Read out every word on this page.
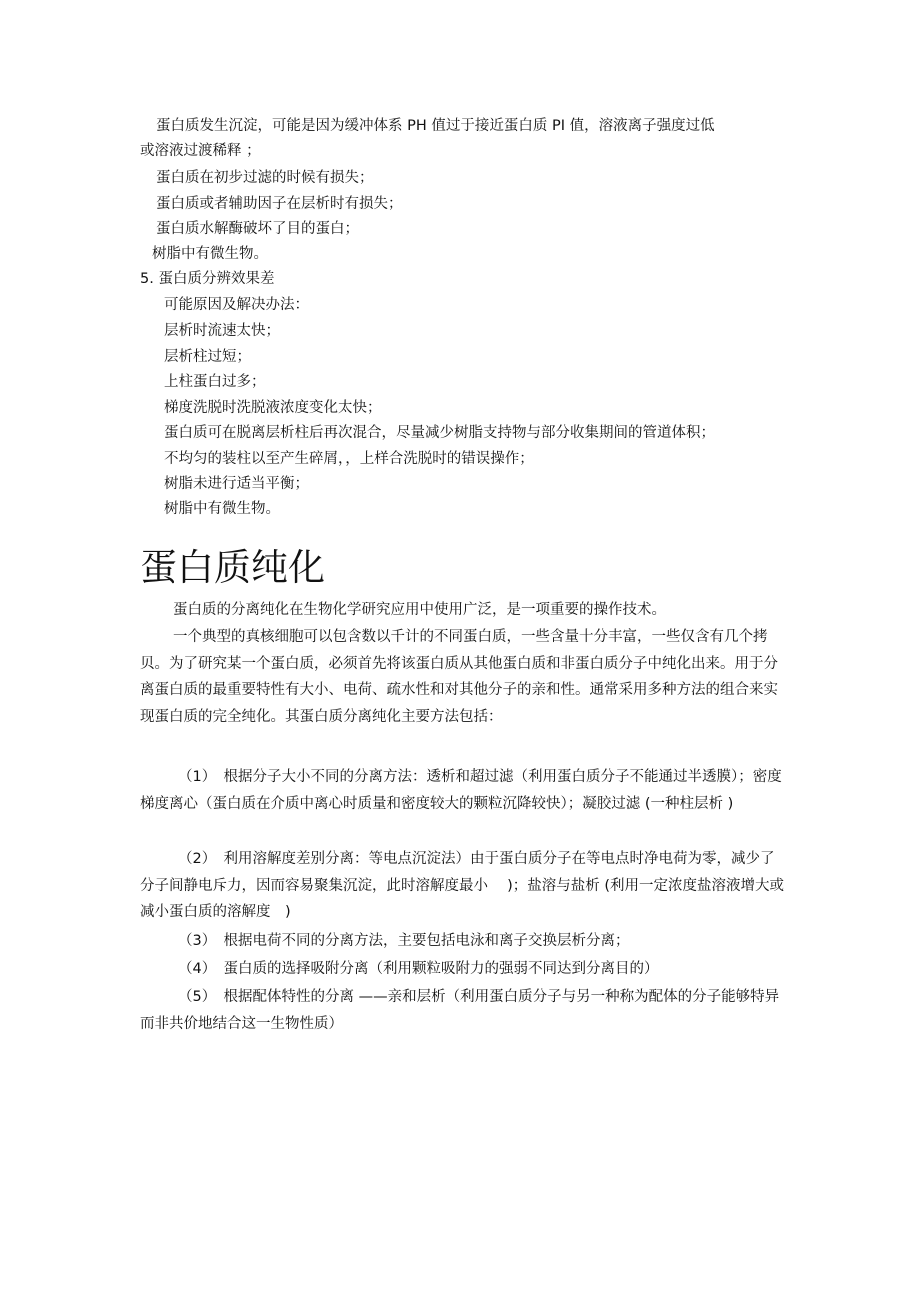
蛋白质发生沉淀，可能是因为缓冲体系 PH 值过于接近蛋白质 PI 值，溶液离子强度过低
或溶液过渡稀释 ；
蛋白质在初步过滤的时候有损失；
蛋白质或者辅助因子在层析时有损失；
蛋白质水解酶破坏了目的蛋白；
树脂中有微生物。
5. 蛋白质分辨效果差
可能原因及解决办法：
层析时流速太快；
层析柱过短；
上柱蛋白过多；
梯度洗脱时洗脱液浓度变化太快；
蛋白质可在脱离层析柱后再次混合，尽量减少树脂支持物与部分收集期间的管道体积；
不均匀的装柱以至产生碎屑，，上样合洗脱时的错误操作；
树脂未进行适当平衡；
树脂中有微生物。
蛋白质纯化
蛋白质的分离纯化在生物化学研究应用中使用广泛，是一项重要的操作技术。
一个典型的真核细胞可以包含数以千计的不同蛋白质，一些含量十分丰富，一些仅含有几个拷贝。为了研究某一个蛋白质，必须首先将该蛋白质从其他蛋白质和非蛋白质分子中纯化出来。用于分离蛋白质的最重要特性有大小、电荷、疏水性和对其他分子的亲和性。通常采用多种方法的组合来实现蛋白质的完全纯化。其蛋白质分离纯化主要方法包括：
（1）　根据分子大小不同的分离方法：透析和超过滤（利用蛋白质分子不能通过半透膜）；密度梯度离心（蛋白质在介质中离心时质量和密度较大的颗粒沉降较快）；凝胶过滤 (一种柱层析 )
（2）　利用溶解度差别分离：等电点沉淀法）由于蛋白质分子在等电点时净电荷为零，减少了分子间静电斥力，因而容易聚集沉淀，此时溶解度最小　 )；盐溶与盐析 (利用一定浓度盐溶液增大或减小蛋白质的溶解度　)
（3）　根据电荷不同的分离方法，主要包括电泳和离子交换层析分离；
（4）　蛋白质的选择吸附分离（利用颗粒吸附力的强弱不同达到分离目的）
（5）　根据配体特性的分离 ——亲和层析（利用蛋白质分子与另一种称为配体的分子能够特异而非共价地结合这一生物性质）
